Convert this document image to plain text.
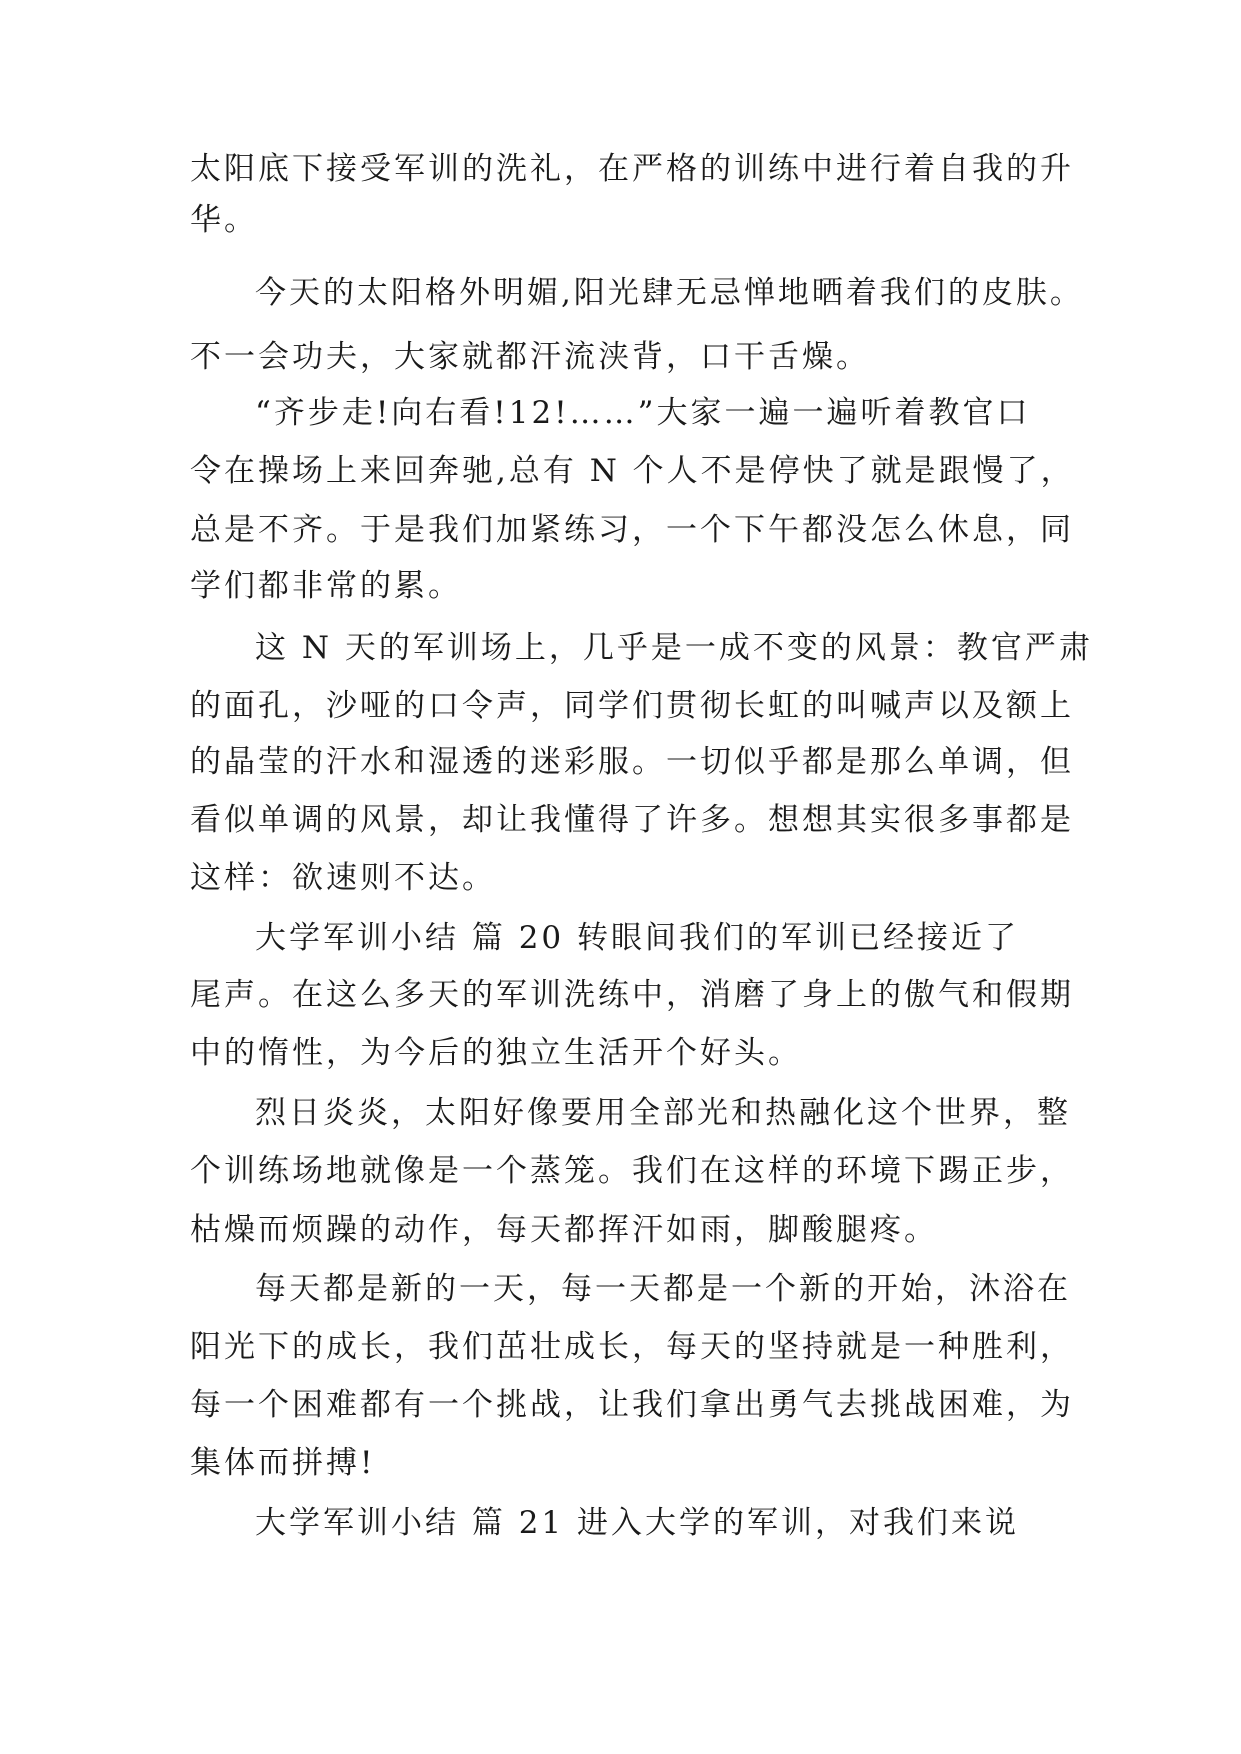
太阳底下接受军训的洗礼，在严格的训练中进行着自我的升
华。
今天的太阳格外明媚,阳光肆无忌惮地晒着我们的皮肤。
不一会功夫，大家就都汗流浃背，口干舌燥。
“齐步走!向右看!12!……”大家一遍一遍听着教官口
令在操场上来回奔驰,总有 N 个人不是停快了就是跟慢了，
总是不齐。于是我们加紧练习，一个下午都没怎么休息，同
学们都非常的累。
这 N 天的军训场上，几乎是一成不变的风景：教官严肃
的面孔，沙哑的口令声，同学们贯彻长虹的叫喊声以及额上
的晶莹的汗水和湿透的迷彩服。一切似乎都是那么单调，但
看似单调的风景，却让我懂得了许多。想想其实很多事都是
这样：欲速则不达。
大学军训小结 篇 20 转眼间我们的军训已经接近了
尾声。在这么多天的军训洗练中，消磨了身上的傲气和假期
中的惰性，为今后的独立生活开个好头。
烈日炎炎，太阳好像要用全部光和热融化这个世界，整
个训练场地就像是一个蒸笼。我们在这样的环境下踢正步，
枯燥而烦躁的动作，每天都挥汗如雨，脚酸腿疼。
每天都是新的一天，每一天都是一个新的开始，沐浴在
阳光下的成长，我们茁壮成长，每天的坚持就是一种胜利，
每一个困难都有一个挑战，让我们拿出勇气去挑战困难，为
集体而拼搏!
大学军训小结 篇 21 进入大学的军训，对我们来说
